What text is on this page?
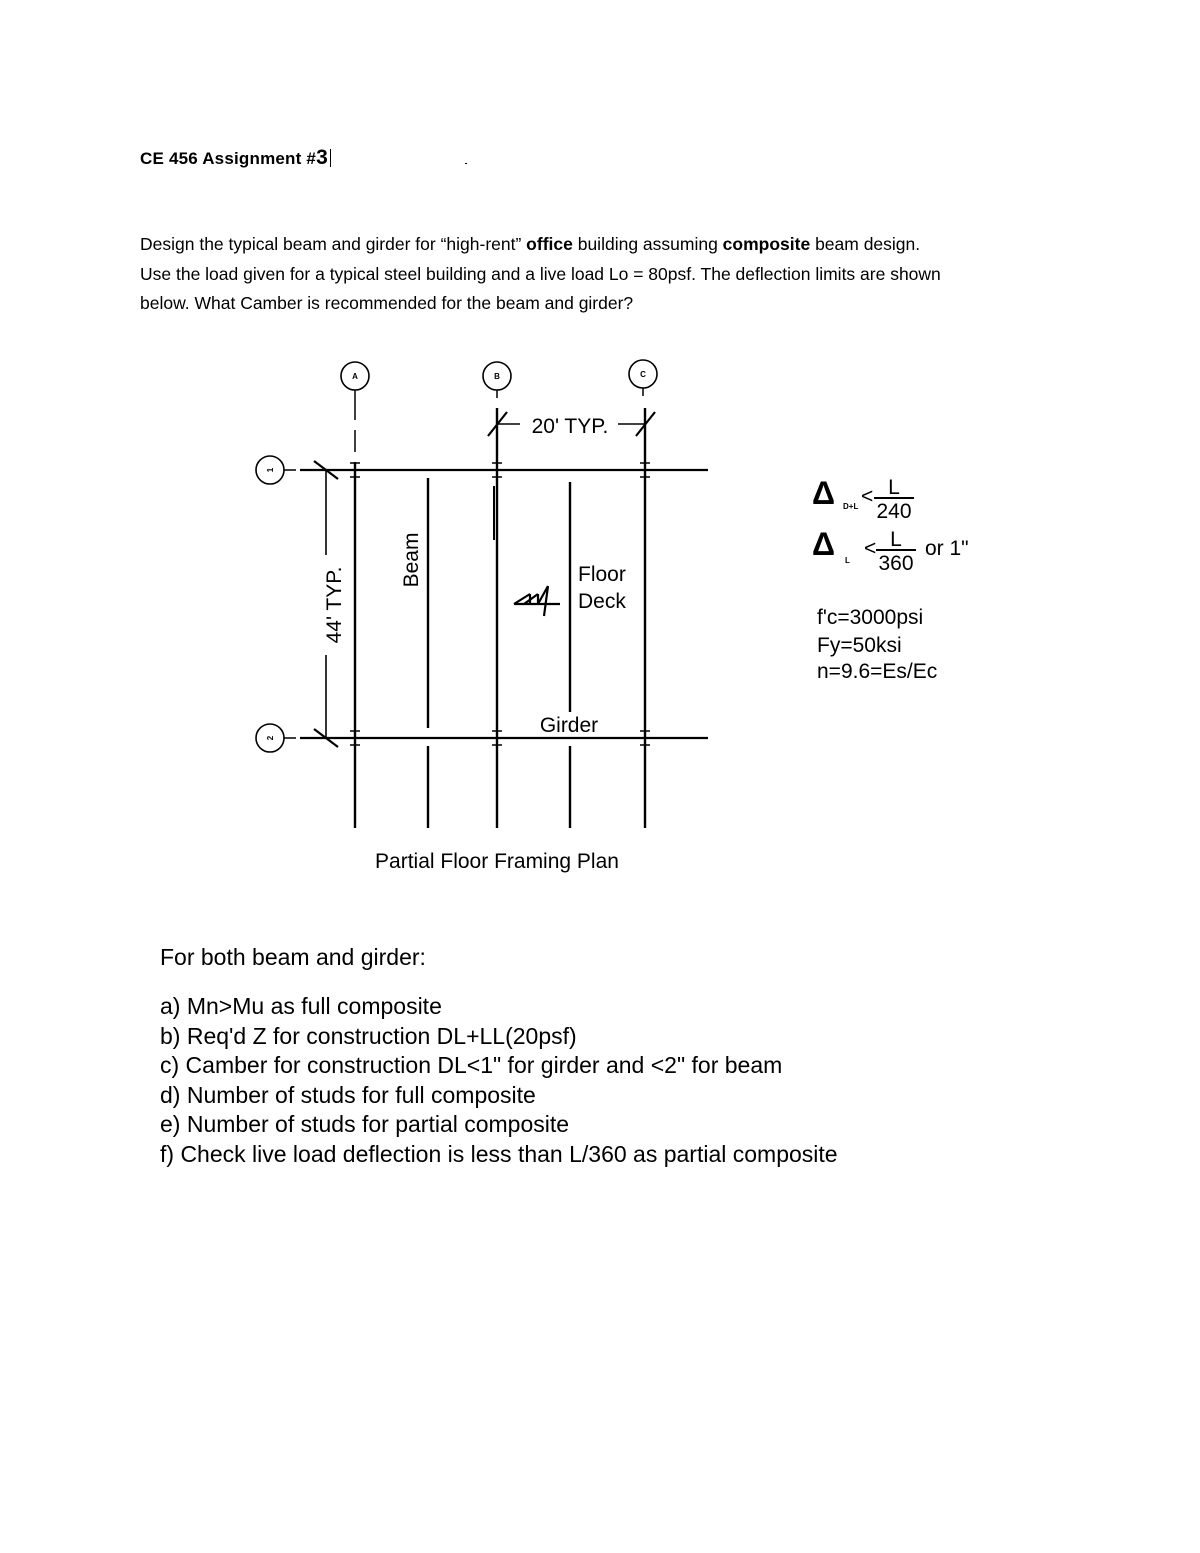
CE 456 Assignment #3

Design the typical beam and girder for “high-rent” office building assuming composite beam design.

Use the load given for a typical steel building and a live load Lo = 80psf. The deflection limits are shown

below. What Camber is recommended for the beam and girder?

A	B	C
1
2
20' TYP.
44' TYP.
Beam	Floor
Deck
Girder
Partial Floor Framing Plan
Δ D+L < L
240
Δ L
< L
360
or 1"
f'c=3000psi
Fy=50ksi
n=9.6=Es/Ec

For both beam and girder:

a) Mn>Mu as full composite

b) Req'd Z for construction DL+LL(20psf)

c) Camber for construction DL<1" for girder and <2" for beam

d) Number of studs for full composite

e) Number of studs for partial composite

f) Check live load deflection is less than L/360 as partial composite
